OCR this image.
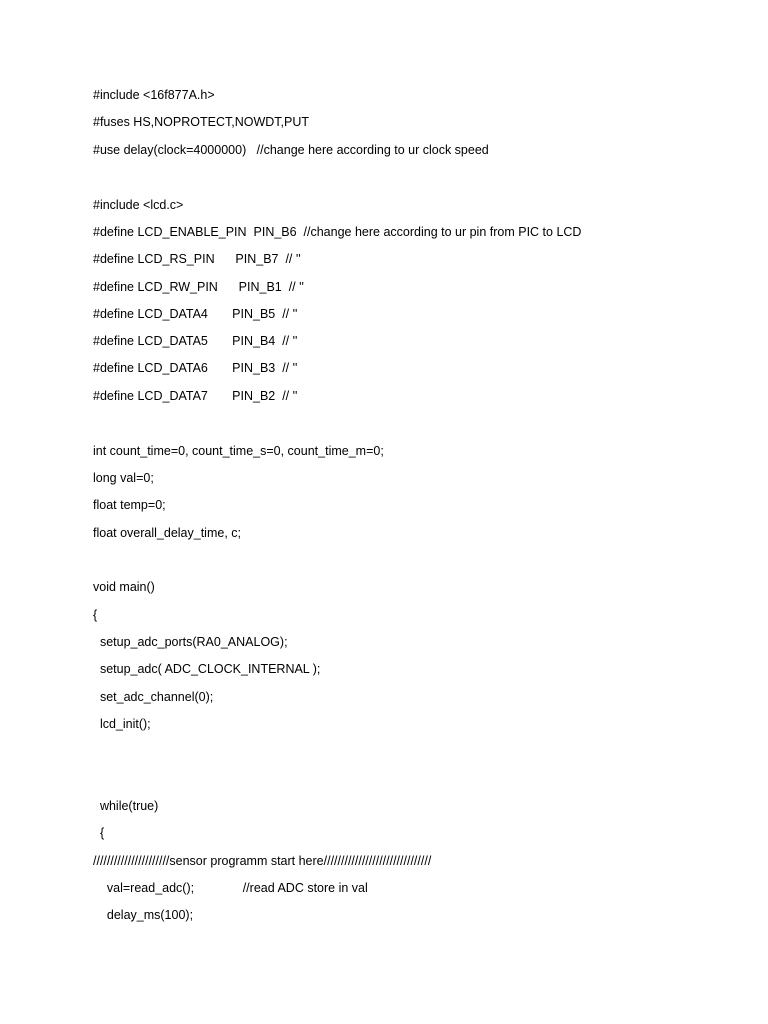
#include <16f877A.h>

#fuses HS,NOPROTECT,NOWDT,PUT

#use delay(clock=4000000)   //change here according to ur clock speed

#include <lcd.c>

#define LCD_ENABLE_PIN  PIN_B6  //change here according to ur pin from PIC to LCD

#define LCD_RS_PIN      PIN_B7  // ''

#define LCD_RW_PIN      PIN_B1  // ''

#define LCD_DATA4       PIN_B5  // ''

#define LCD_DATA5       PIN_B4  // ''

#define LCD_DATA6       PIN_B3  // ''

#define LCD_DATA7       PIN_B2  // ''

int count_time=0, count_time_s=0, count_time_m=0;

long val=0;

float temp=0;

float overall_delay_time, c;

void main()

{

setup_adc_ports(RA0_ANALOG);

setup_adc( ADC_CLOCK_INTERNAL );

set_adc_channel(0);

lcd_init();

while(true)

{

//////////////////////sensor programm start here///////////////////////////////

val=read_adc();              //read ADC store in val

delay_ms(100);
